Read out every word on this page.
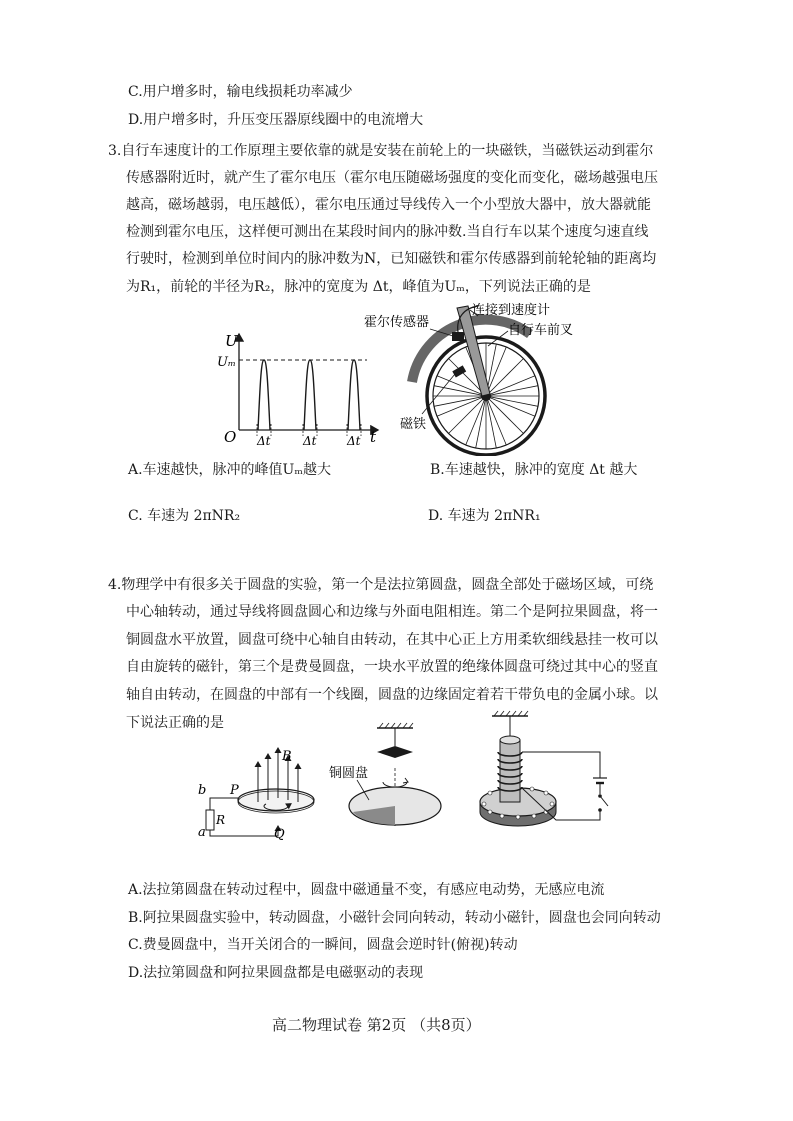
C.用户增多时，输电线损耗功率减少
D.用户增多时，升压变压器原线圈中的电流增大
3.自行车速度计的工作原理主要依靠的就是安装在前轮上的一块磁铁，当磁铁运动到霍尔
传感器附近时，就产生了霍尔电压（霍尔电压随磁场强度的变化而变化，磁场越强电压
越高，磁场越弱，电压越低），霍尔电压通过导线传入一个小型放大器中，放大器就能
检测到霍尔电压，这样便可测出在某段时间内的脉冲数.当自行车以某个速度匀速直线
行驶时，检测到单位时间内的脉冲数为N，已知磁铁和霍尔传感器到前轮轮轴的距离均
为R₁，前轮的半径为R₂，脉冲的宽度为 Δt，峰值为Uₘ，下列说法正确的是
U
Uₘ
O	t
Δt	Δt	Δt
霍尔传感器
连接到速度计
自行车前叉
磁铁
A.车速越快，脉冲的峰值Uₘ越大	B.车速越快，脉冲的宽度 Δt 越大
C. 车速为 2πNR₂	D. 车速为 2πNR₁
4.物理学中有很多关于圆盘的实验，第一个是法拉第圆盘，圆盘全部处于磁场区域，可绕
中心轴转动，通过导线将圆盘圆心和边缘与外面电阻相连。第二个是阿拉果圆盘，将一
铜圆盘水平放置，圆盘可绕中心轴自由转动，在其中心正上方用柔软细线悬挂一枚可以
自由旋转的磁针，第三个是费曼圆盘，一块水平放置的绝缘体圆盘可绕过其中心的竖直
轴自由转动，在圆盘的中部有一个线圈，圆盘的边缘固定着若干带负电的金属小球。以
下说法正确的是
b
a
R
P
Q
B
铜圆盘
A.法拉第圆盘在转动过程中，圆盘中磁通量不变，有感应电动势，无感应电流
B.阿拉果圆盘实验中，转动圆盘，小磁针会同向转动，转动小磁针，圆盘也会同向转动
C.费曼圆盘中，当开关闭合的一瞬间，圆盘会逆时针(俯视)转动
D.法拉第圆盘和阿拉果圆盘都是电磁驱动的表现
高二物理试卷 第2页 （共8页）
